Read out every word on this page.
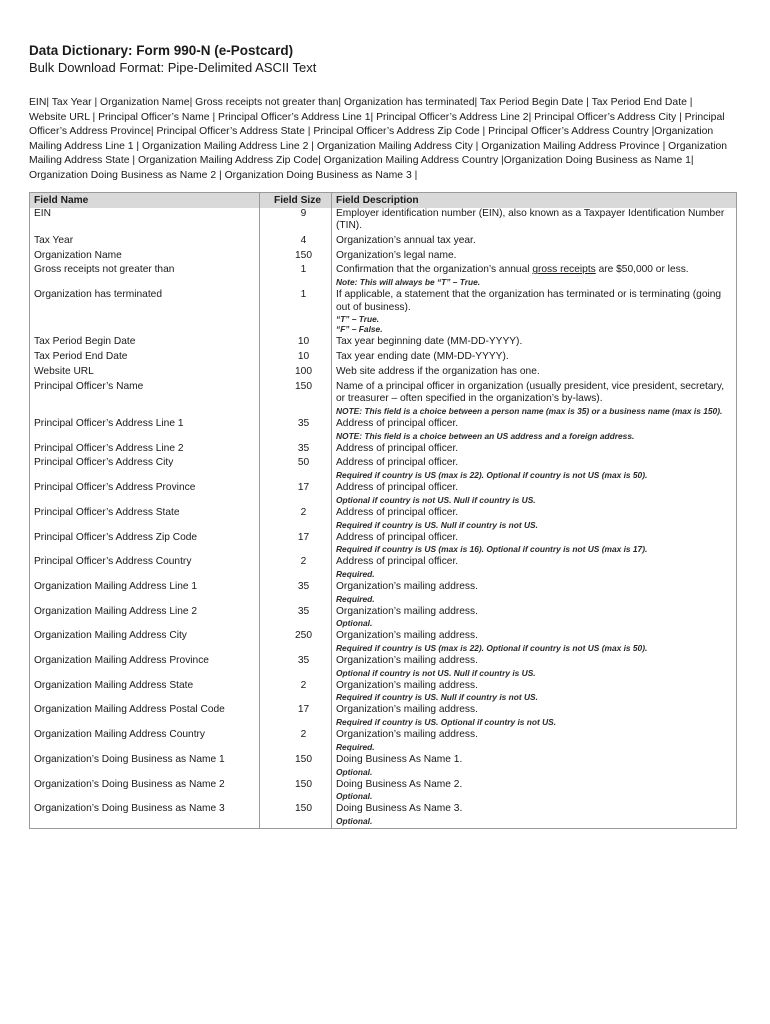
Data Dictionary: Form 990-N (e-Postcard)
Bulk Download Format: Pipe-Delimited ASCII Text

EIN| Tax Year | Organization Name| Gross receipts not greater than| Organization has terminated| Tax Period Begin Date | Tax Period End Date | Website URL | Principal Officer’s Name | Principal Officer’s Address Line 1| Principal Officer’s Address Line 2| Principal Officer’s Address City | Principal Officer’s Address Province| Principal Officer’s Address State | Principal Officer’s Address Zip Code | Principal Officer’s Address Country |Organization Mailing Address Line 1 | Organization Mailing Address Line 2 | Organization Mailing Address City | Organization Mailing Address Province | Organization Mailing Address State | Organization Mailing Address Zip Code| Organization Mailing Address Country |Organization Doing Business as Name 1| Organization Doing Business as Name 2 | Organization Doing Business as Name 3 |

Field Name	Field Size	Field Description
EIN	9	Employer identification number (EIN), also known as a Taxpayer Identification Number (TIN).
Tax Year	4	Organization’s annual tax year.
Organization Name	150	Organization’s legal name.
Gross receipts not greater than	1	Confirmation that the organization’s annual gross receipts are $50,000 or less.
Note: This will always be “T” – True.

Organization has terminated	1	If applicable, a statement that the organization has terminated or is terminating (going out of business).
“T” – True.
“F” – False.

Tax Period Begin Date	10	Tax year beginning date (MM-DD-YYYY).
Tax Period End Date	10	Tax year ending date (MM-DD-YYYY).
Website URL	100	Web site address if the organization has one.
Principal Officer’s Name	150	Name of a principal officer in organization (usually president, vice president, secretary, or treasurer – often specified in the organization’s by-laws).
NOTE: This field is a choice between a person name (max is 35) or a business name (max is 150).

Principal Officer’s Address Line 1	35	Address of principal officer.
NOTE: This field is a choice between an US address and a foreign address.

Principal Officer’s Address Line 2	35	Address of principal officer.
Principal Officer’s Address City	50	Address of principal officer.
Required if country is US (max is 22). Optional if country is not US (max is 50).

Principal Officer’s Address Province	17	Address of principal officer.
Optional if country is not US. Null if country is US.

Principal Officer’s Address State	2	Address of principal officer.
Required if country is US. Null if country is not US.

Principal Officer’s Address Zip Code	17	Address of principal officer.
Required if country is US (max is 16). Optional if country is not US (max is 17).

Principal Officer’s Address Country	2	Address of principal officer.
Required.

Organization Mailing Address Line 1	35	Organization’s mailing address.
Required.

Organization Mailing Address Line 2	35	Organization’s mailing address.
Optional.

Organization Mailing Address City	250	Organization’s mailing address.
Required if country is US (max is 22). Optional if country is not US (max is 50).

Organization Mailing Address Province	35	Organization’s mailing address.
Optional if country is not US. Null if country is US.

Organization Mailing Address State	2	Organization’s mailing address.
Required if country is US. Null if country is not US.

Organization Mailing Address Postal Code	17	Organization’s mailing address.
Required if country is US. Optional if country is not US.

Organization Mailing Address Country	2	Organization’s mailing address.
Required.

Organization’s Doing Business as Name 1	150	Doing Business As Name 1.
Optional.

Organization’s Doing Business as Name 2	150	Doing Business As Name 2.
Optional.

Organization’s Doing Business as Name 3	150	Doing Business As Name 3.
Optional.
